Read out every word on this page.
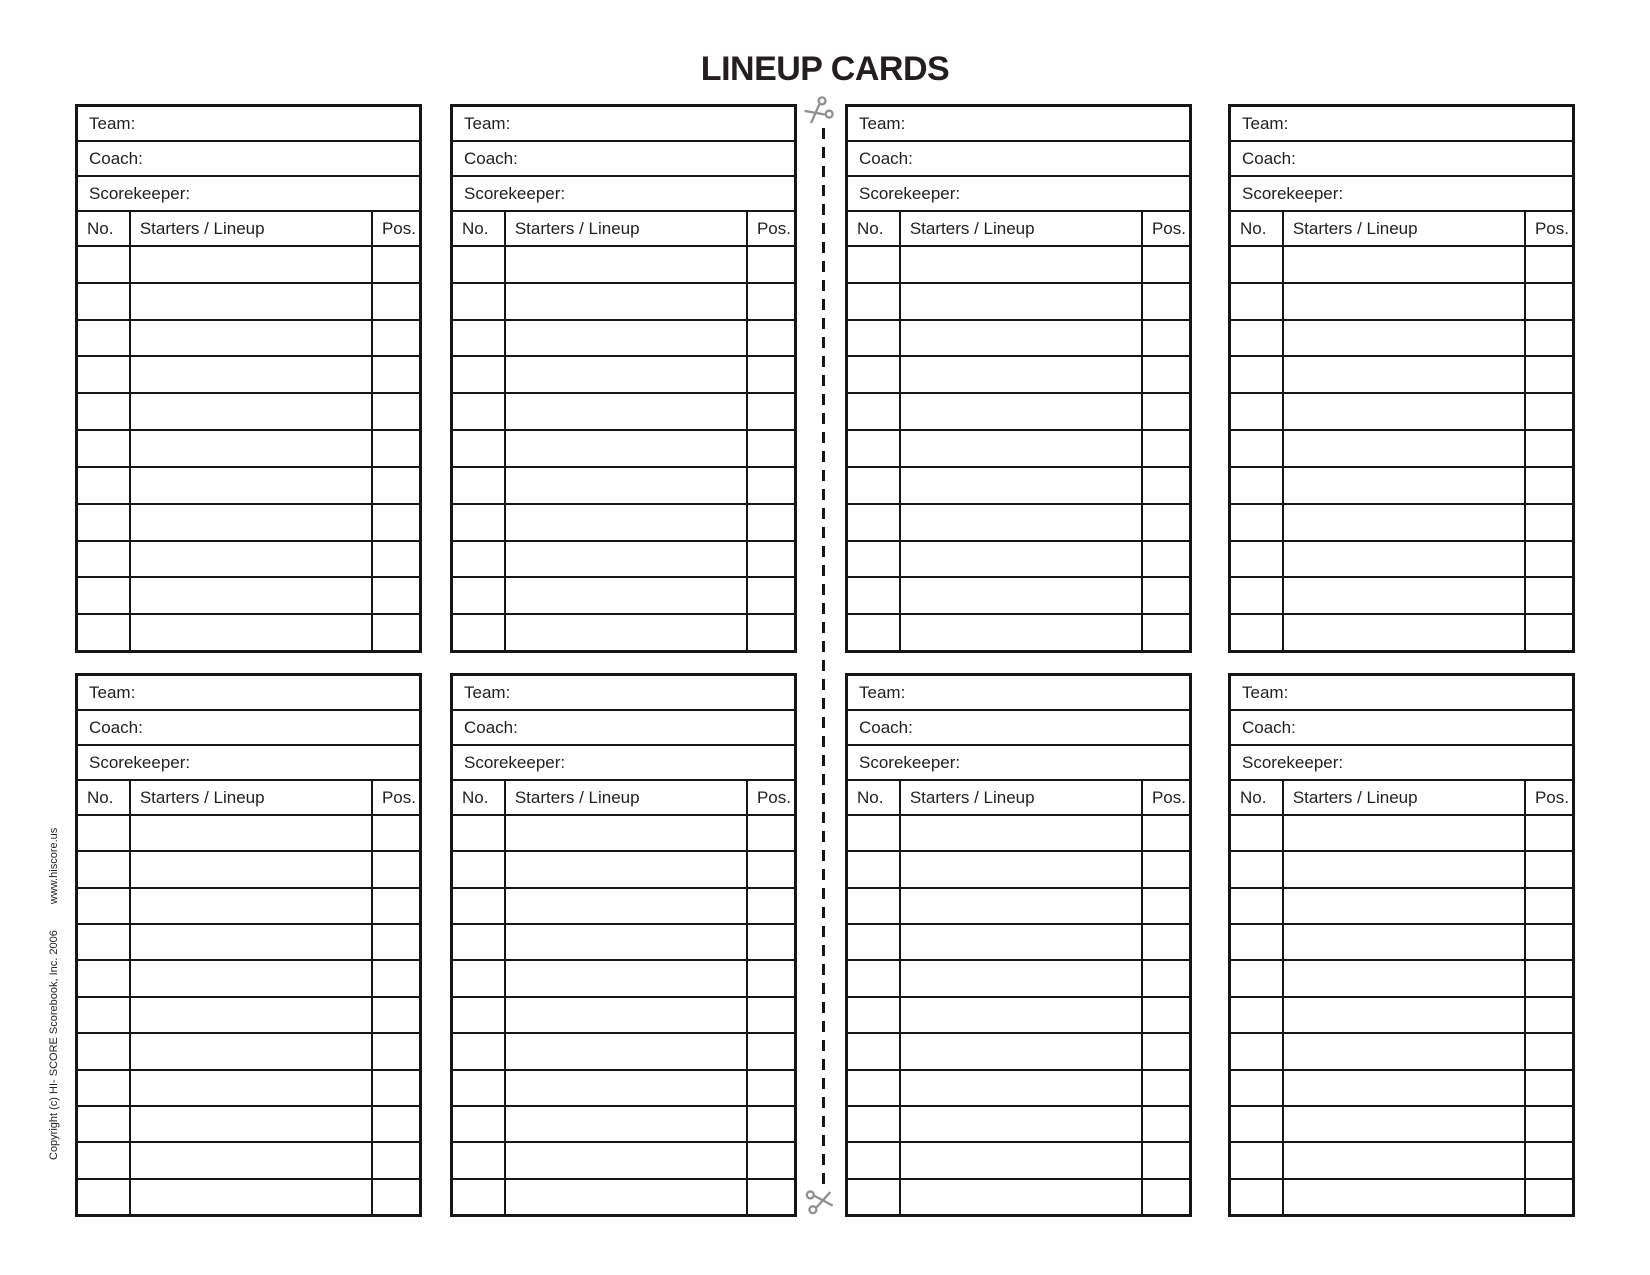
LINEUP CARDS
Copyright (c) HI- SCORE Scorebook, Inc. 2006www.hiscore.us
Team:
Coach:
Scorekeeper:
No.	Starters / Lineup	Pos.
Team:
Coach:
Scorekeeper:
No.	Starters / Lineup	Pos.
Team:
Coach:
Scorekeeper:
No.	Starters / Lineup	Pos.
Team:
Coach:
Scorekeeper:
No.	Starters / Lineup	Pos.
Team:
Coach:
Scorekeeper:
No.	Starters / Lineup	Pos.
Team:
Coach:
Scorekeeper:
No.	Starters / Lineup	Pos.
Team:
Coach:
Scorekeeper:
No.	Starters / Lineup	Pos.
Team:
Coach:
Scorekeeper:
No.	Starters / Lineup	Pos.
